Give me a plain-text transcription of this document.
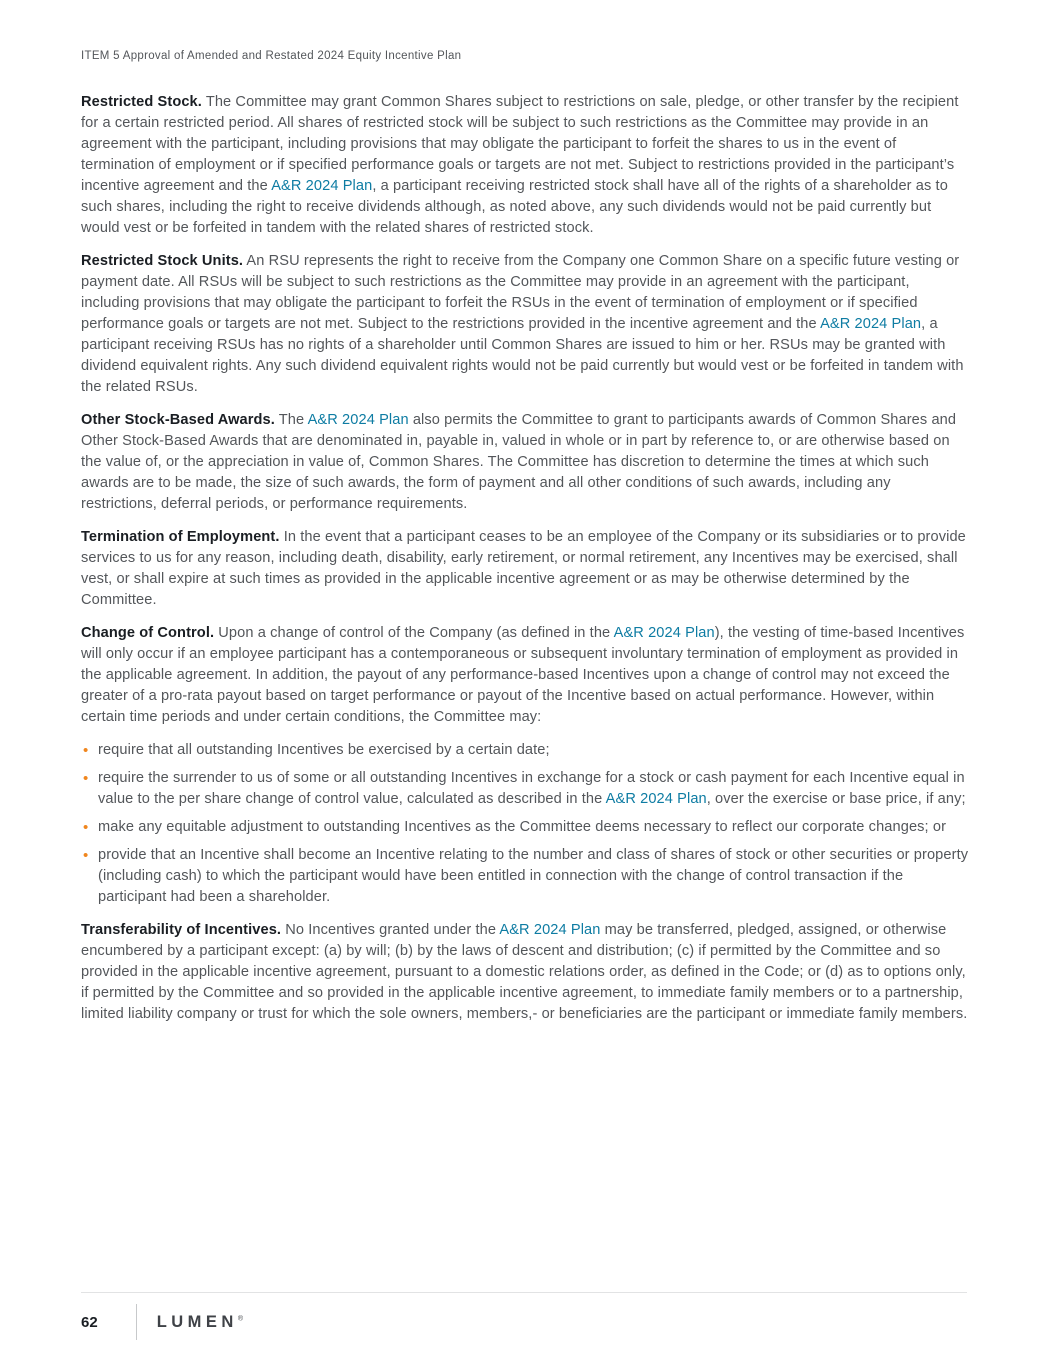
ITEM 5 Approval of Amended and Restated 2024 Equity Incentive Plan

Restricted Stock. The Committee may grant Common Shares subject to restrictions on sale, pledge, or other transfer by the recipient for a certain restricted period. All shares of restricted stock will be subject to such restrictions as the Committee may provide in an agreement with the participant, including provisions that may obligate the participant to forfeit the shares to us in the event of termination of employment or if specified performance goals or targets are not met. Subject to restrictions provided in the participant’s incentive agreement and the A&R 2024 Plan, a participant receiving restricted stock shall have all of the rights of a shareholder as to such shares, including the right to receive dividends although, as noted above, any such dividends would not be paid currently but would vest or be forfeited in tandem with the related shares of restricted stock.

Restricted Stock Units. An RSU represents the right to receive from the Company one Common Share on a specific future vesting or payment date. All RSUs will be subject to such restrictions as the Committee may provide in an agreement with the participant, including provisions that may obligate the participant to forfeit the RSUs in the event of termination of employment or if specified performance goals or targets are not met. Subject to the restrictions provided in the incentive agreement and the A&R 2024 Plan, a participant receiving RSUs has no rights of a shareholder until Common Shares are issued to him or her. RSUs may be granted with dividend equivalent rights. Any such dividend equivalent rights would not be paid currently but would vest or be forfeited in tandem with the related RSUs.

Other Stock-Based Awards. The A&R 2024 Plan also permits the Committee to grant to participants awards of Common Shares and Other Stock-Based Awards that are denominated in, payable in, valued in whole or in part by reference to, or are otherwise based on the value of, or the appreciation in value of, Common Shares. The Committee has discretion to determine the times at which such awards are to be made, the size of such awards, the form of payment and all other conditions of such awards, including any restrictions, deferral periods, or performance requirements.

Termination of Employment. In the event that a participant ceases to be an employee of the Company or its subsidiaries or to provide services to us for any reason, including death, disability, early retirement, or normal retirement, any Incentives may be exercised, shall vest, or shall expire at such times as provided in the applicable incentive agreement or as may be otherwise determined by the Committee.

Change of Control. Upon a change of control of the Company (as defined in the A&R 2024 Plan), the vesting of time-based Incentives will only occur if an employee participant has a contemporaneous or subsequent involuntary termination of employment as provided in the applicable agreement. In addition, the payout of any performance-based Incentives upon a change of control may not exceed the greater of a pro-rata payout based on target performance or payout of the Incentive based on actual performance. However, within certain time periods and under certain conditions, the Committee may:

• require that all outstanding Incentives be exercised by a certain date;
• require the surrender to us of some or all outstanding Incentives in exchange for a stock or cash payment for each Incentive equal in value to the per share change of control value, calculated as described in the A&R 2024 Plan, over the exercise or base price, if any;
• make any equitable adjustment to outstanding Incentives as the Committee deems necessary to reflect our corporate changes; or
• provide that an Incentive shall become an Incentive relating to the number and class of shares of stock or other securities or property (including cash) to which the participant would have been entitled in connection with the change of control transaction if the participant had been a shareholder.

Transferability of Incentives. No Incentives granted under the A&R 2024 Plan may be transferred, pledged, assigned, or otherwise encumbered by a participant except: (a) by will; (b) by the laws of descent and distribution; (c) if permitted by the Committee and so provided in the applicable incentive agreement, pursuant to a domestic relations order, as defined in the Code; or (d) as to options only, if permitted by the Committee and so provided in the applicable incentive agreement, to immediate family members or to a partnership, limited liability company or trust for which the sole owners, members,- or beneficiaries are the participant or immediate family members.

62	LUMEN®
